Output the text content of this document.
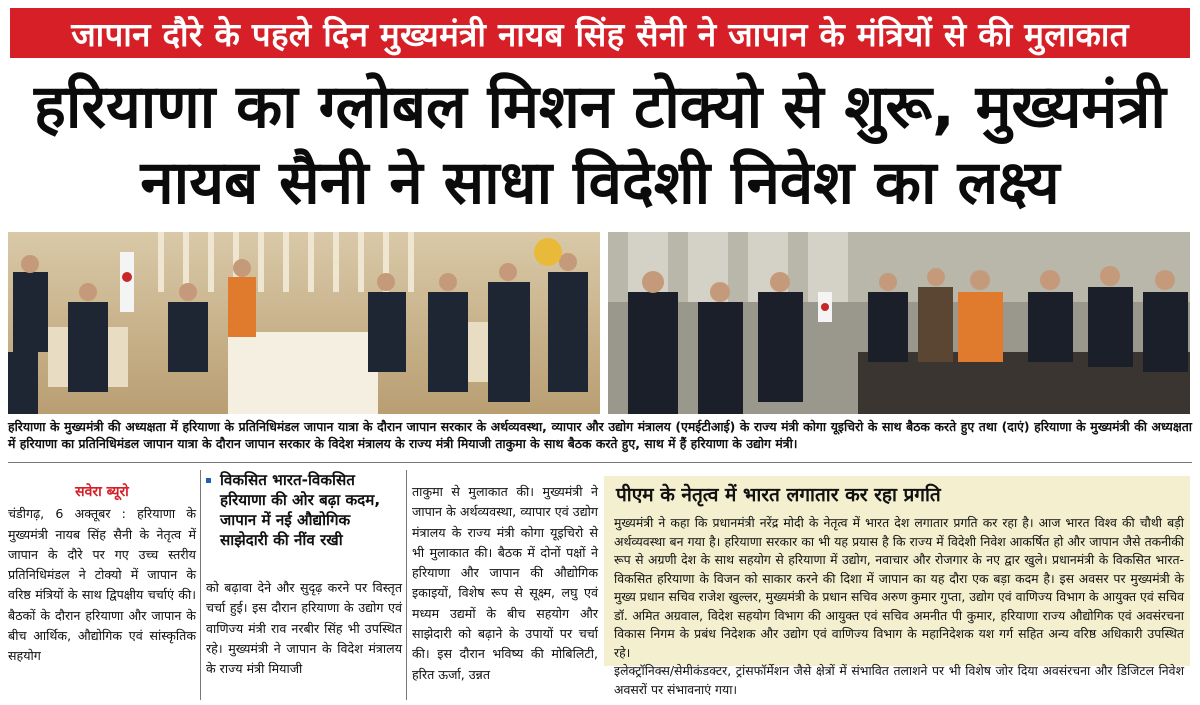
जापान दौरे के पहले दिन मुख्यमंत्री नायब सिंह सैनी ने जापान के मंत्रियों से की मुलाकात
हरियाणा का ग्लोबल मिशन टोक्यो से शुरू, मुख्यमंत्री
नायब सैनी ने साधा विदेशी निवेश का लक्ष्य
हरियाणा के मुख्यमंत्री की अध्यक्षता में हरियाणा के प्रतिनिधिमंडल जापान यात्रा के दौरान जापान सरकार के अर्थव्यवस्था, व्यापार और उद्योग मंत्रालय (एमईटीआई) के राज्य मंत्री कोगा यूइचिरो के साथ बैठक करते हुए तथा (दाएं) हरियाणा के मुख्यमंत्री की अध्यक्षता में हरियाणा का प्रतिनिधिमंडल जापान यात्रा के दौरान जापान सरकार के विदेश मंत्रालय के राज्य मंत्री मियाजी ताकुमा के साथ बैठक करते हुए, साथ में हैं हरियाणा के उद्योग मंत्री।
सवेरा ब्यूरो
चंडीगढ़, 6 अक्तूबर : हरियाणा के मुख्यमंत्री नायब सिंह सैनी के नेतृत्व में जापान के दौरे पर गए उच्च स्तरीय प्रतिनिधिमंडल ने टोक्यो में जापान के वरिष्ठ मंत्रियों के साथ द्विपक्षीय चर्चाएं की। बैठकों के दौरान हरियाणा और जापान के बीच आर्थिक, औद्योगिक एवं सांस्कृतिक सहयोग

विकसित भारत-विकसित हरियाणा की ओर बढ़ा कदम, जापान में नई औद्योगिक साझेदारी की नींव रखी

को बढ़ावा देने और सुदृढ़ करने पर विस्तृत चर्चा हुई। इस दौरान हरियाणा के उद्योग एवं वाणिज्य मंत्री राव नरबीर सिंह भी उपस्थित रहे। मुख्यमंत्री ने जापान के विदेश मंत्रालय के राज्य मंत्री मियाजी
ताकुमा से मुलाकात की। मुख्यमंत्री ने जापान के अर्थव्यवस्था, व्यापार एवं उद्योग मंत्रालय के राज्य मंत्री कोगा यूइचिरो से भी मुलाकात की। बैठक में दोनों पक्षों ने हरियाणा और जापान की औद्योगिक इकाइयों, विशेष रूप से सूक्ष्म, लघु एवं मध्यम उद्यमों के बीच सहयोग और साझेदारी को बढ़ाने के उपायों पर चर्चा की। इस दौरान भविष्य की मोबिलिटी, हरित ऊर्जा, उन्नत
पीएम के नेतृत्व में भारत लगातार कर रहा प्रगति
मुख्यमंत्री ने कहा कि प्रधानमंत्री नरेंद्र मोदी के नेतृत्व में भारत देश लगातार प्रगति कर रहा है। आज भारत विश्व की चौथी बड़ी अर्थव्यवस्था बन गया है। हरियाणा सरकार का भी यह प्रयास है कि राज्य में विदेशी निवेश आकर्षित हो और जापान जैसे तकनीकी रूप से अग्रणी देश के साथ सहयोग से हरियाणा में उद्योग, नवाचार और रोजगार के नए द्वार खुले। प्रधानमंत्री के विकसित भारत-विकसित हरियाणा के विजन को साकार करने की दिशा में जापान का यह दौरा एक बड़ा कदम है। इस अवसर पर मुख्यमंत्री के मुख्य प्रधान सचिव राजेश खुल्लर, मुख्यमंत्री के प्रधान सचिव अरुण कुमार गुप्ता, उद्योग एवं वाणिज्य विभाग के आयुक्त एवं सचिव डॉ. अमित अग्रवाल, विदेश सहयोग विभाग की आयुक्त एवं सचिव अमनीत पी कुमार, हरियाणा राज्य औद्योगिक एवं अवसंरचना विकास निगम के प्रबंध निदेशक और उद्योग एवं वाणिज्य विभाग के महानिदेशक यश गर्ग सहित अन्य वरिष्ठ अधिकारी उपस्थित रहे।
इलेक्ट्रॉनिक्स/सेमीकंडक्टर, ट्रांसफॉर्मेशन जैसे क्षेत्रों में संभावित तलाशने पर भी विशेष जोर दिया अवसंरचना और डिजिटल निवेश अवसरों पर संभावनाएं गया।
